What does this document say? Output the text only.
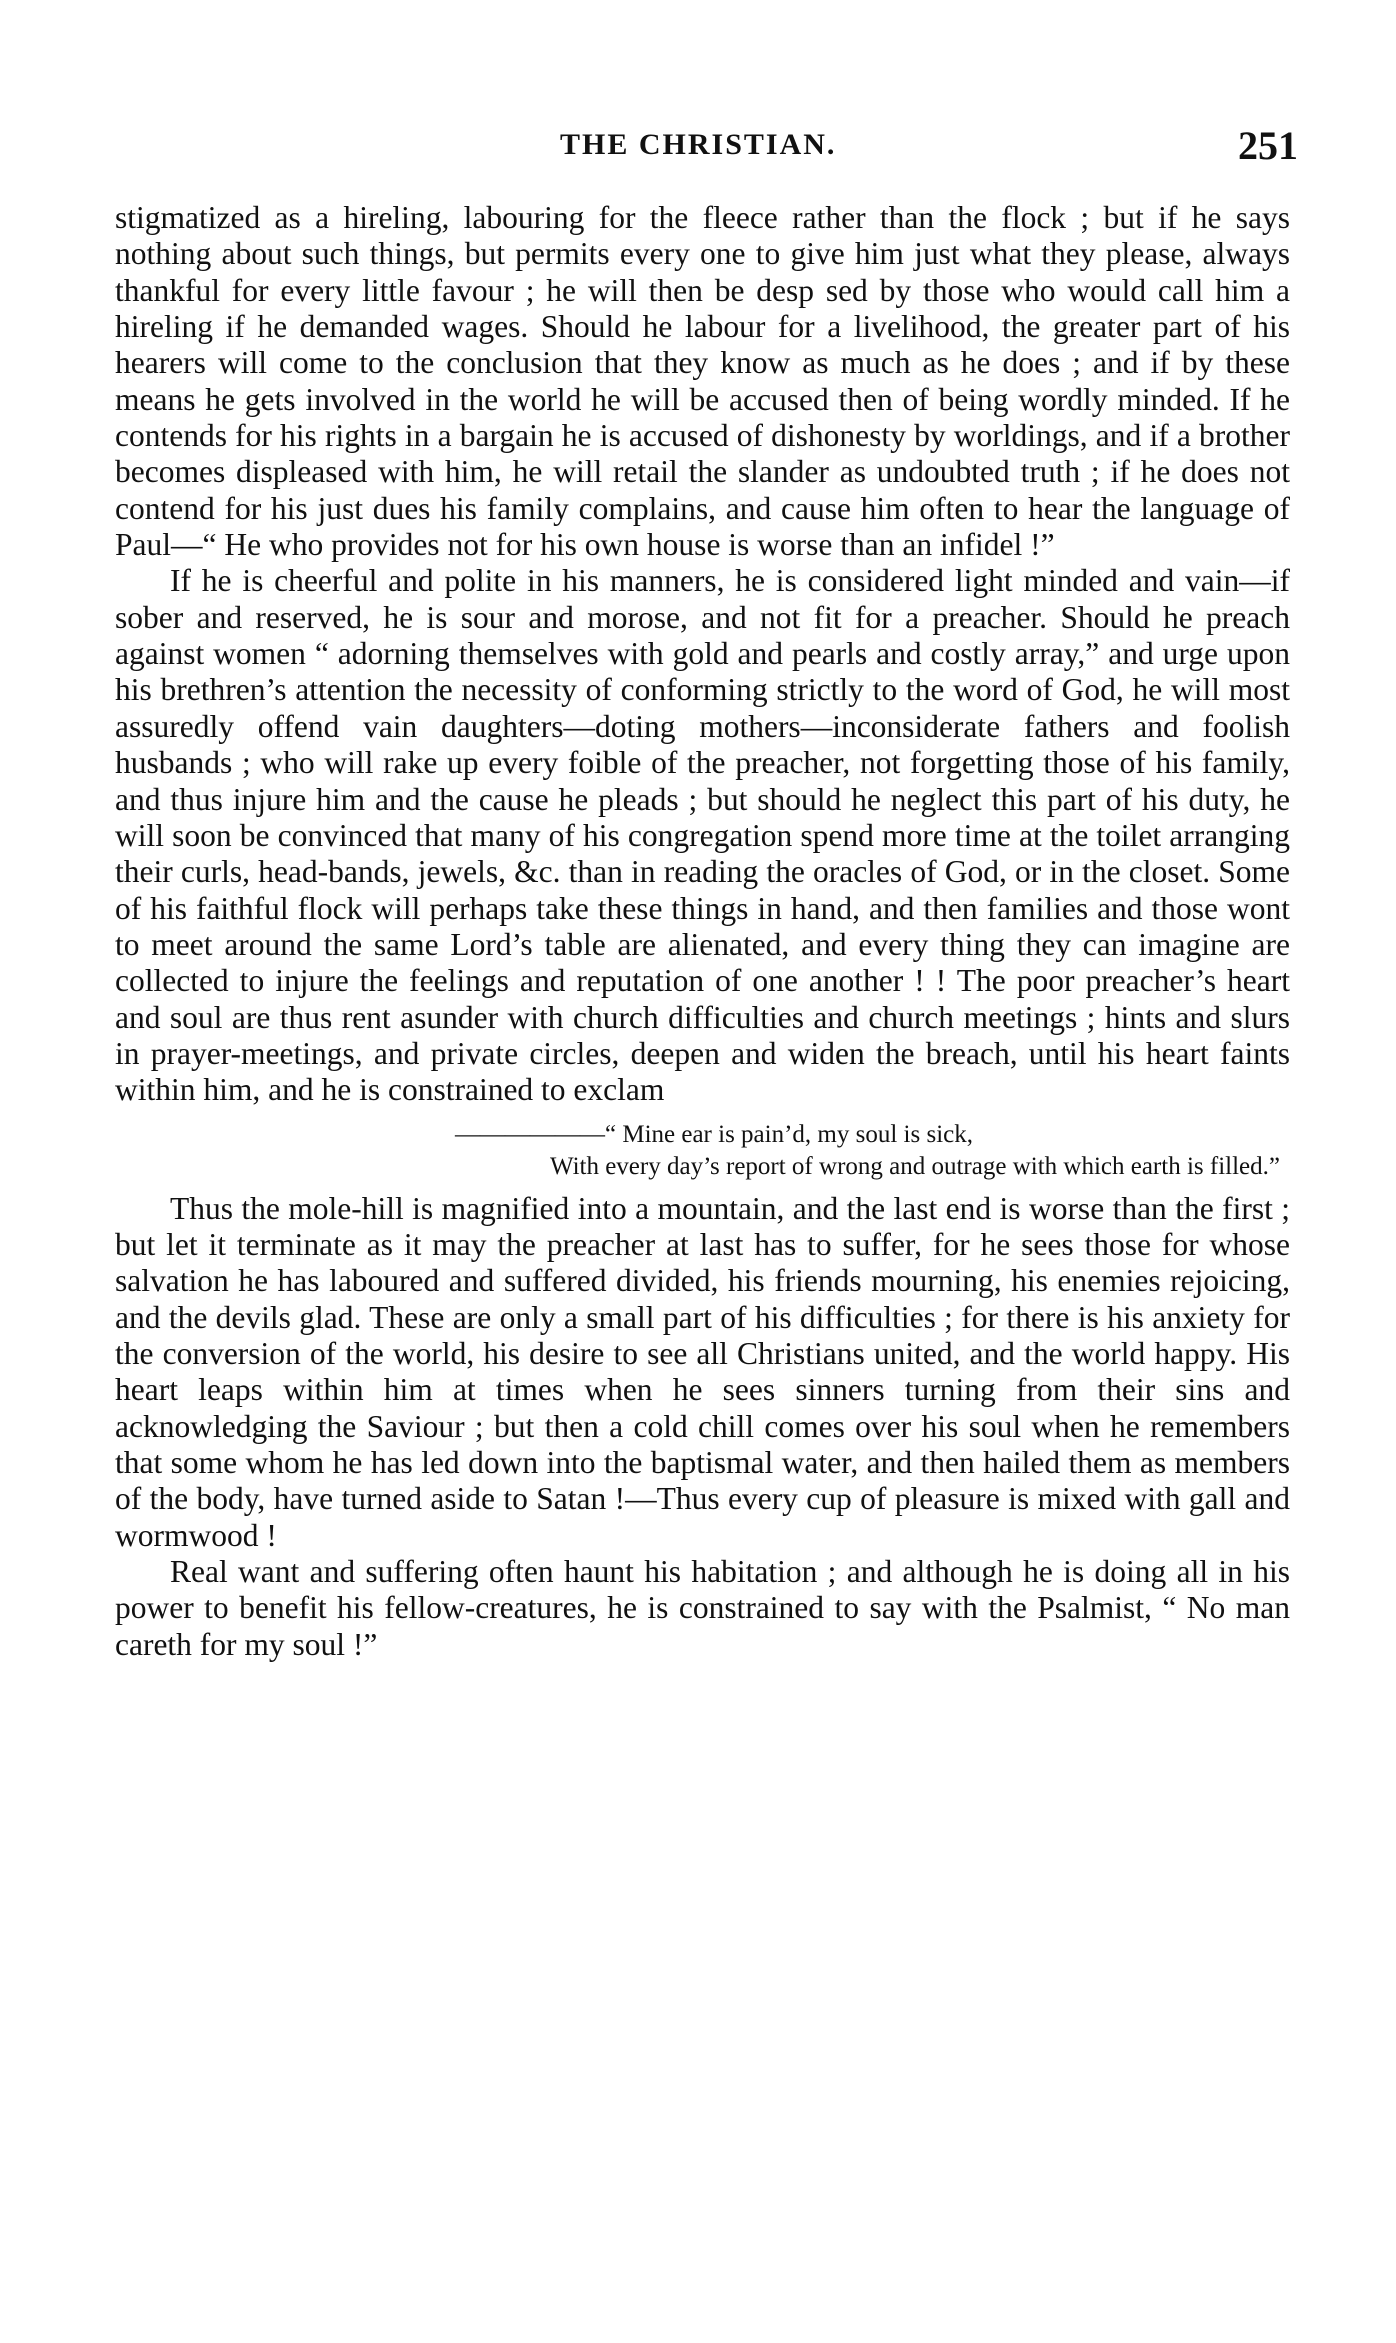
THE CHRISTIAN.	251

stigmatized as a hireling, labouring for the fleece rather than the flock ; but if he says nothing about such things, but permits every one to give him just what they please, always thankful for every little favour ; he will then be desp sed by those who would call him a hireling if he demanded wages. Should he labour for a livelihood, the greater part of his hearers will come to the conclusion that they know as much as he does ; and if by these means he gets involved in the world he will be accused then of being wordly minded. If he contends for his rights in a bargain he is accused of dishonesty by worldings, and if a brother becomes displeased with him, he will retail the slander as undoubted truth ; if he does not contend for his just dues his family complains, and cause him often to hear the language of Paul—“ He who provides not for his own house is worse than an infidel !”

If he is cheerful and polite in his manners, he is considered light minded and vain—if sober and reserved, he is sour and morose, and not fit for a preacher. Should he preach against women “ adorning themselves with gold and pearls and costly array,” and urge upon his brethren’s attention the necessity of conforming strictly to the word of God, he will most assuredly offend vain daughters—doting mothers—inconsiderate fathers and foolish husbands ; who will rake up every foible of the preacher, not forgetting those of his family, and thus injure him and the cause he pleads ; but should he neglect this part of his duty, he will soon be convinced that many of his congregation spend more time at the toilet arranging their curls, head-bands, jewels, &c. than in reading the oracles of God, or in the closet. Some of his faithful flock will perhaps take these things in hand, and then families and those wont to meet around the same Lord’s table are alienated, and every thing they can imagine are collected to injure the feelings and reputation of one another ! ! The poor preacher’s heart and soul are thus rent asunder with church difficulties and church meetings ; hints and slurs in prayer-meetings, and private circles, deepen and widen the breach, until his heart faints within him, and he is constrained to exclam

——————“ Mine ear is pain’d, my soul is sick,
With every day’s report of wrong and outrage with which earth is filled.”

Thus the mole-hill is magnified into a mountain, and the last end is worse than the first ; but let it terminate as it may the preacher at last has to suffer, for he sees those for whose salvation he has laboured and suffered divided, his friends mourning, his enemies rejoicing, and the devils glad. These are only a small part of his difficulties ; for there is his anxiety for the conversion of the world, his desire to see all Christians united, and the world happy. His heart leaps within him at times when he sees sinners turning from their sins and acknowledging the Saviour ; but then a cold chill comes over his soul when he remembers that some whom he has led down into the baptismal water, and then hailed them as members of the body, have turned aside to Satan !—Thus every cup of pleasure is mixed with gall and wormwood !

Real want and suffering often haunt his habitation ; and although he is doing all in his power to benefit his fellow-creatures, he is constrained to say with the Psalmist, “ No man careth for my soul !”
